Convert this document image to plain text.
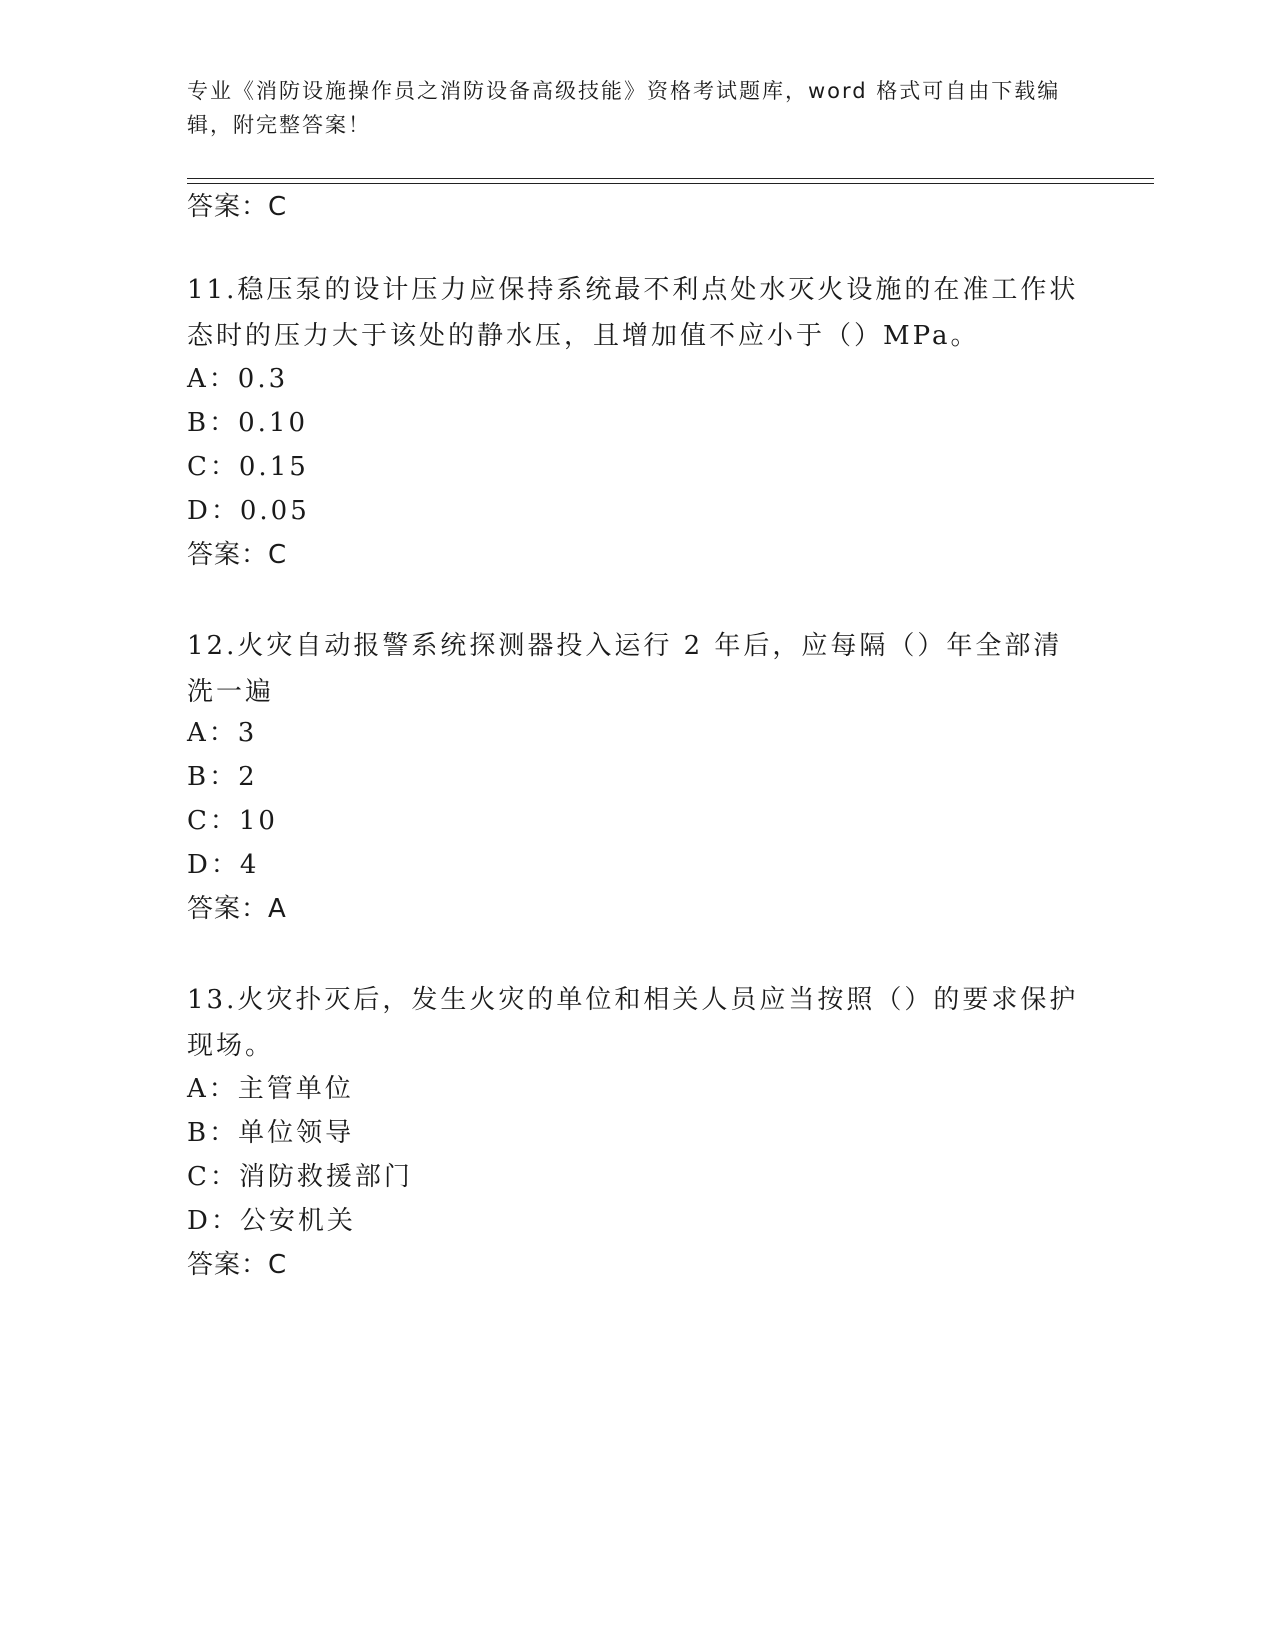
专业《消防设施操作员之消防设备高级技能》资格考试题库，word 格式可自由下载编辑，附完整答案！
答案：C
11.稳压泵的设计压力应保持系统最不利点处水灭火设施的在准工作状态时的压力大于该处的静水压，且增加值不应小于（）MPa。
A：0.3
B：0.10
C：0.15
D：0.05
答案：C
12.火灾自动报警系统探测器投入运行 2 年后，应每隔（）年全部清洗一遍
A：3
B：2
C：10
D：4
答案：A
13.火灾扑灭后，发生火灾的单位和相关人员应当按照（）的要求保护现场。
A：主管单位
B：单位领导
C：消防救援部门
D：公安机关
答案：C
